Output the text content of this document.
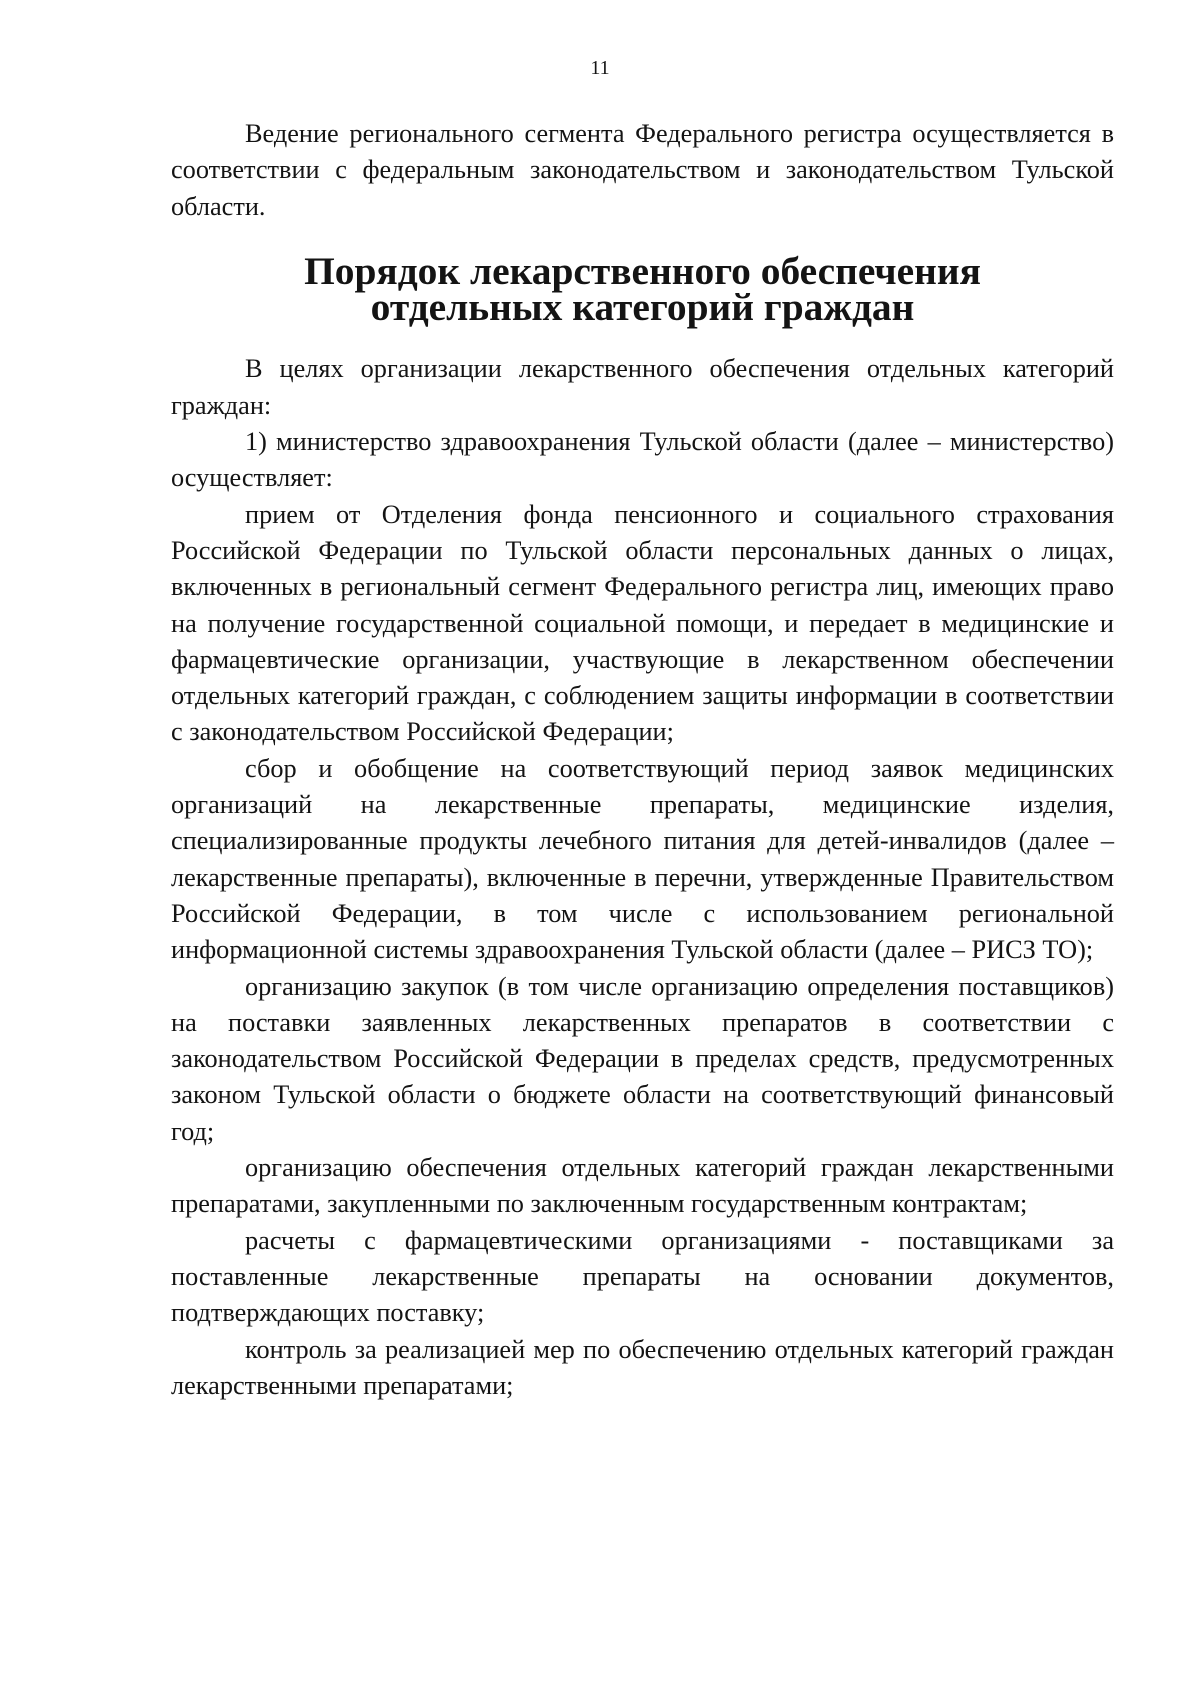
11

Ведение регионального сегмента Федерального регистра осуществляется в соответствии с федеральным законодательством и законодательством Тульской области.

Порядок лекарственного обеспечения
отдельных категорий граждан

В целях организации лекарственного обеспечения отдельных категорий граждан:

1) министерство здравоохранения Тульской области (далее – министерство) осуществляет:

прием от Отделения фонда пенсионного и социального страхования Российской Федерации по Тульской области персональных данных о лицах, включенных в региональный сегмент Федерального регистра лиц, имеющих право на получение государственной социальной помощи, и передает в медицинские и фармацевтические организации, участвующие в лекарственном обеспечении отдельных категорий граждан, с соблюдением защиты информации в соответствии с законодательством Российской Федерации;

сбор и обобщение на соответствующий период заявок медицинских организаций на лекарственные препараты, медицинские изделия, специализированные продукты лечебного питания для детей-инвалидов (далее – лекарственные препараты), включенные в перечни, утвержденные Правительством Российской Федерации, в том числе с использованием региональной информационной системы здравоохранения Тульской области (далее – РИСЗ ТО);

организацию закупок (в том числе организацию определения поставщиков) на поставки заявленных лекарственных препаратов в соответствии с законодательством Российской Федерации в пределах средств, предусмотренных законом Тульской области о бюджете области на соответствующий финансовый год;

организацию обеспечения отдельных категорий граждан лекарственными препаратами, закупленными по заключенным государственным контрактам;

расчеты с фармацевтическими организациями - поставщиками за поставленные лекарственные препараты на основании документов, подтверждающих поставку;

контроль за реализацией мер по обеспечению отдельных категорий граждан лекарственными препаратами;
